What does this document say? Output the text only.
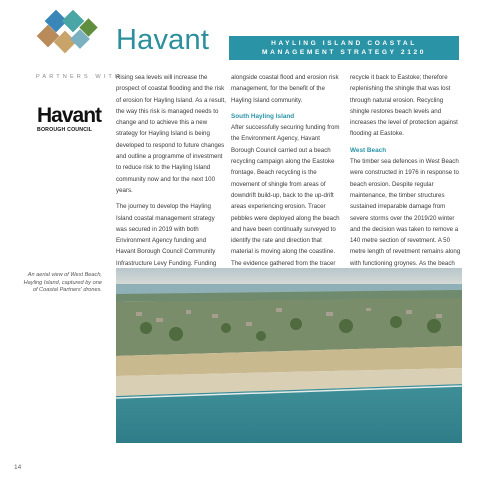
Havant	HAYLING ISLAND COASTAL
MANAGEMENT STRATEGY 2120
PARTNERS WITH
Havant
BOROUGH COUNCIL

Rising sea levels will increase the prospect of coastal flooding and the risk of erosion for Hayling Island. As a result, the way this risk is managed needs to change and to achieve this a new strategy for Hayling Island is being developed to respond to future changes and outline a programme of investment to reduce risk to the Hayling Island community now and for the next 100 years.

The journey to develop the Hayling Island coastal management strategy was secured in 2019 with both Environment Agency funding and Havant Borough Council Community Infrastructure Levy Funding. Funding

alongside coastal flood and erosion risk management, for the benefit of the Hayling Island community.

South Hayling Island

After successfully securing funding from the Environment Agency, Havant Borough Council carried out a beach recycling campaign along the Eastoke frontage. Beach recycling is the movement of shingle from areas of downdrift build-up, back to the up-drift areas experiencing erosion. Tracer pebbles were deployed along the beach and have been continually surveyed to identify the rate and direction that material is moving along the coastline. The evidence gathered from the tracer

recycle it back to Eastoke; therefore replenishing the shingle that was lost through natural erosion. Recycling shingle restores beach levels and increases the level of protection against flooding at Eastoke.

West Beach

The timber sea defences in West Beach were constructed in 1976 in response to beach erosion. Despite regular maintenance, the timber structures sustained irreparable damage from severe storms over the 2019/20 winter and the decision was taken to remove a 140 metre section of revetment. A 50 metre length of revetment remains along with functioning groynes. As the beach

An aerial view of West Beach, Hayling Island, captured by one of Coastal Partners' drones.
14
